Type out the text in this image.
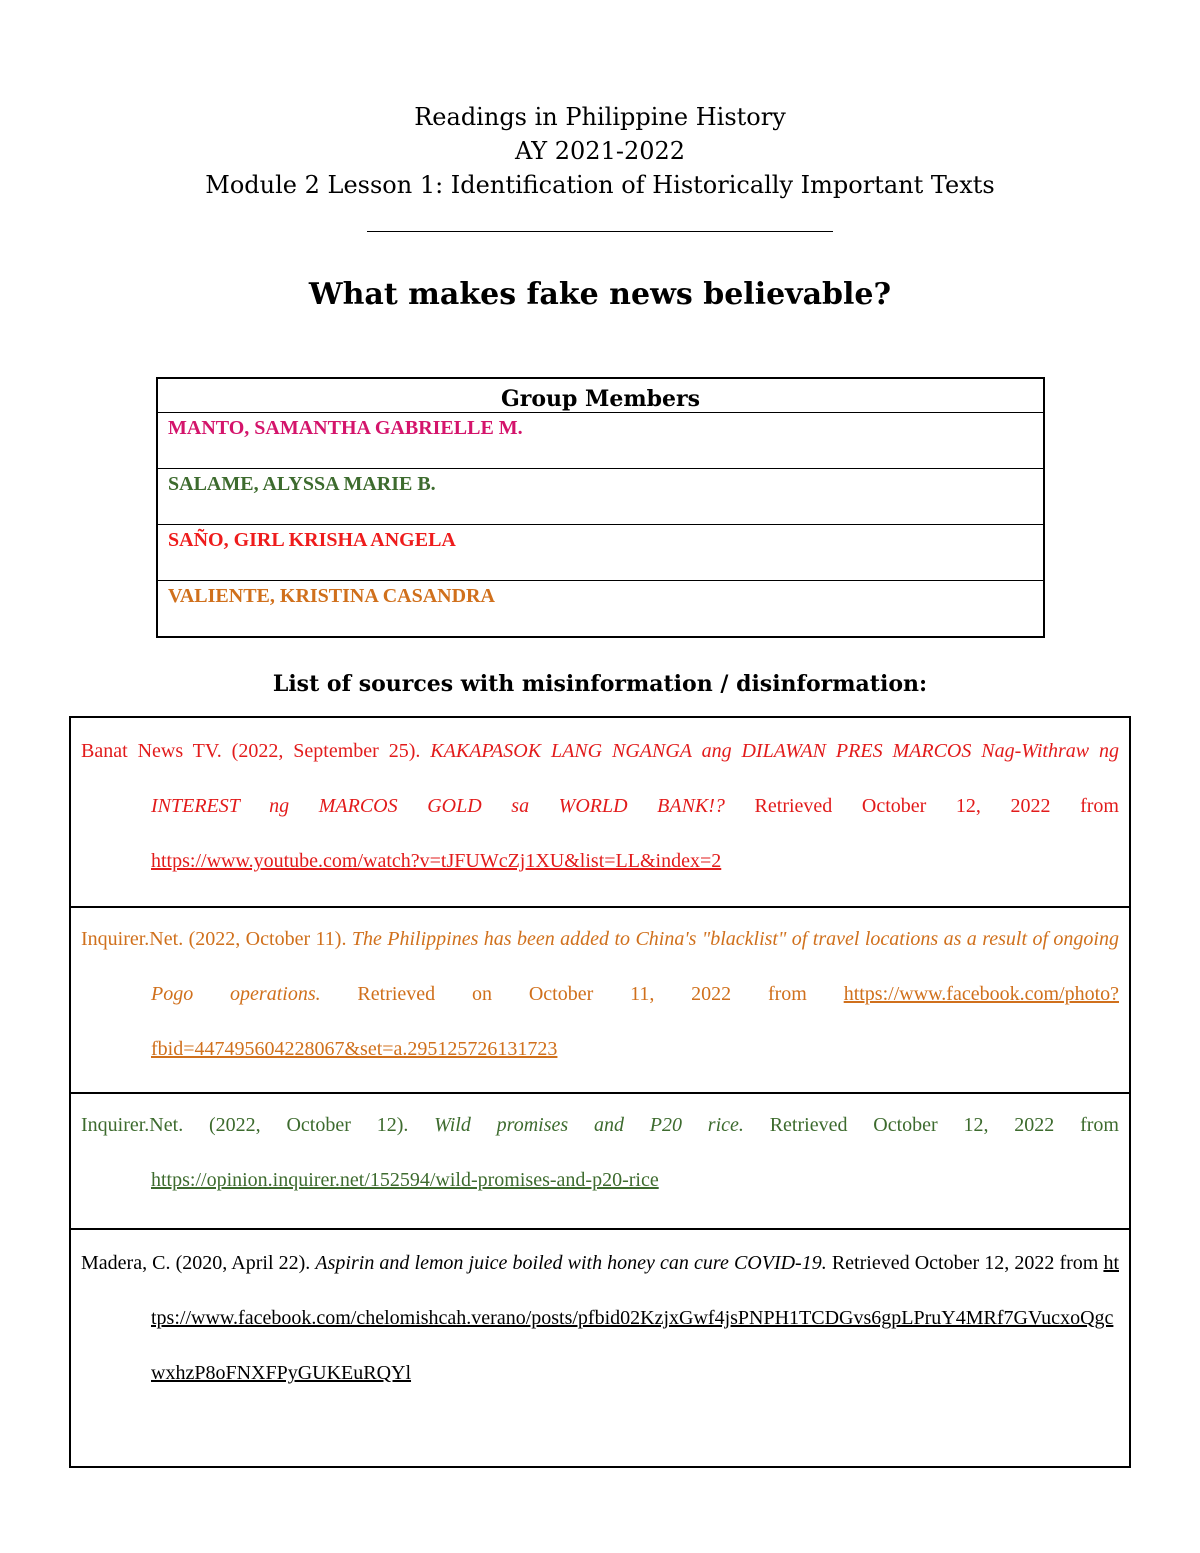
Readings in Philippine History
AY 2021-2022
Module 2 Lesson 1: Identification of Historically Important Texts
What makes fake news believable?
Group Members
MANTO, SAMANTHA GABRIELLE M.
SALAME, ALYSSA MARIE B.
SAÑO, GIRL KRISHA ANGELA
VALIENTE, KRISTINA CASANDRA
List of sources with misinformation / disinformation:
Banat News TV. (2022, September 25). KAKAPASOK LANG NGANGA ang DILAWAN PRES MARCOS Nag-Withraw ng INTEREST ng MARCOS GOLD sa WORLD BANK!? Retrieved October 12, 2022 from https://www.youtube.com/watch?v=tJFUWcZj1XU&list=LL&index=2

Inquirer.Net. (2022, October 11). The Philippines has been added to China's "blacklist" of travel locations as a result of ongoing Pogo operations. Retrieved on October 11, 2022 from https://www.facebook.com/photo?fbid=447495604228067&set=a.295125726131723

Inquirer.Net. (2022, October 12). Wild promises and P20 rice. Retrieved October 12, 2022 from https://opinion.inquirer.net/152594/wild-promises-and-p20-rice

Madera, C. (2020, April 22). Aspirin and lemon juice boiled with honey can cure COVID-19. Retrieved October 12, 2022 from https://www.facebook.com/chelomishcah.verano/posts/pfbid02KzjxGwf4jsPNPH1TCDGvs6gpLPruY4MRf7GVucxoQgcwxhzP8oFNXFPyGUKEuRQYl
